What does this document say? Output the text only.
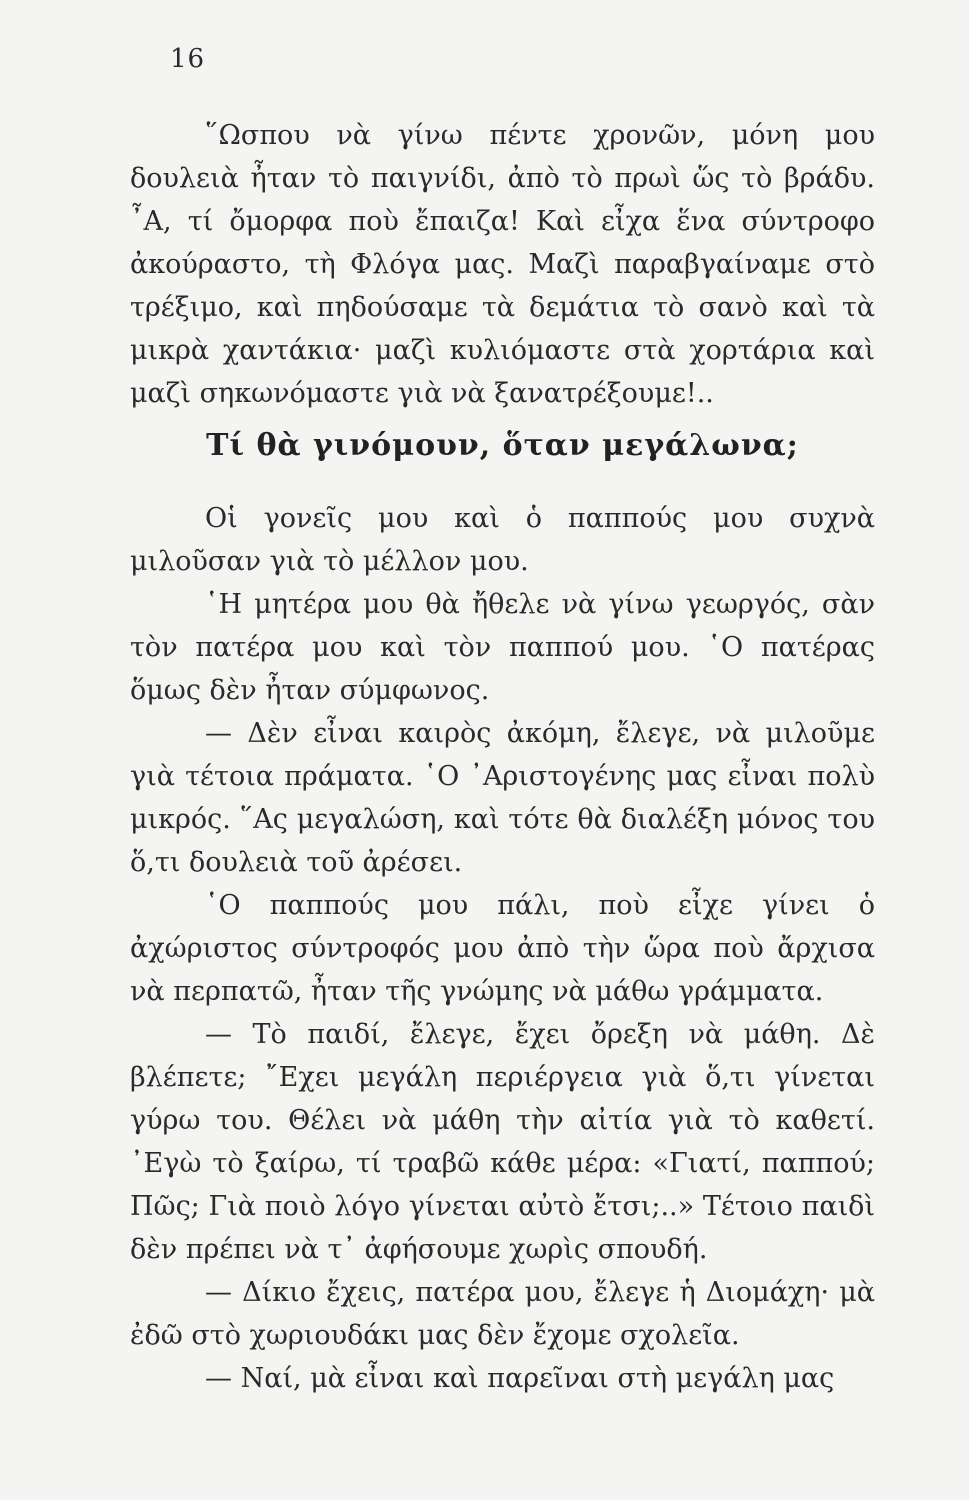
16

῞Ωσπου νὰ γίνω πέντε χρονῶν, μόνη μου δουλειὰ ἦταν τὸ παιγνίδι, ἀπὸ τὸ πρωὶ ὥς τὸ βράδυ. ῏Α, τί ὄμορφα ποὺ ἔπαιζα! Καὶ εἶχα ἕνα σύντροφο ἀκούραστο, τὴ Φλόγα μας. Μαζὶ παραβγαίναμε στὸ τρέξιμο, καὶ πηδούσαμε τὰ δεμάτια τὸ σανὸ καὶ τὰ μικρὰ χαντάκια· μαζὶ κυλιόμαστε στὰ χορτάρια καὶ μαζὶ σηκωνόμαστε γιὰ νὰ ξανατρέξουμε!..

Τί θὰ γινόμουν, ὅταν μεγάλωνα;

Οἱ γονεῖς μου καὶ ὁ παππούς μου συχνὰ μιλοῦσαν γιὰ τὸ μέλλον μου.

῾Η μητέρα μου θὰ ἤθελε νὰ γίνω γεωργός, σὰν τὸν πατέρα μου καὶ τὸν παππού μου. ῾Ο πατέρας ὅμως δὲν ἦταν σύμφωνος.

— Δὲν εἶναι καιρὸς ἀκόμη, ἔλεγε, νὰ μιλοῦμε γιὰ τέτοια πράματα. ῾Ο ᾿Αριστογένης μας εἶναι πολὺ μικρός. ῞Ας μεγαλώση, καὶ τότε θὰ διαλέξη μόνος του ὅ,τι δουλειὰ τοῦ ἀρέσει.

῾Ο παππούς μου πάλι, ποὺ εἶχε γίνει ὁ ἀχώριστος σύντροφός μου ἀπὸ τὴν ὥρα ποὺ ἄρχισα νὰ περπατῶ, ἦταν τῆς γνώμης νὰ μάθω γράμματα.

— Τὸ παιδί, ἔλεγε, ἔχει ὄρεξη νὰ μάθη. Δὲ βλέπετε; ῎Εχει μεγάλη περιέργεια γιὰ ὅ,τι γίνεται γύρω του. Θέλει νὰ μάθη τὴν αἰτία γιὰ τὸ καθετί. ᾿Εγὼ τὸ ξαίρω, τί τραβῶ κάθε μέρα: «Γιατί, παππού; Πῶς; Γιὰ ποιὸ λόγο γίνεται αὐτὸ ἔτσι;..» Τέτοιο παιδὶ δὲν πρέπει νὰ τ᾿ ἀφήσουμε χωρὶς σπουδή.

— Δίκιο ἔχεις, πατέρα μου, ἔλεγε ἡ Διομάχη· μὰ ἐδῶ στὸ χωριουδάκι μας δὲν ἔχομε σχολεῖα.

— Ναί, μὰ εἶναι καὶ παρεῖναι στὴ μεγάλη μας
